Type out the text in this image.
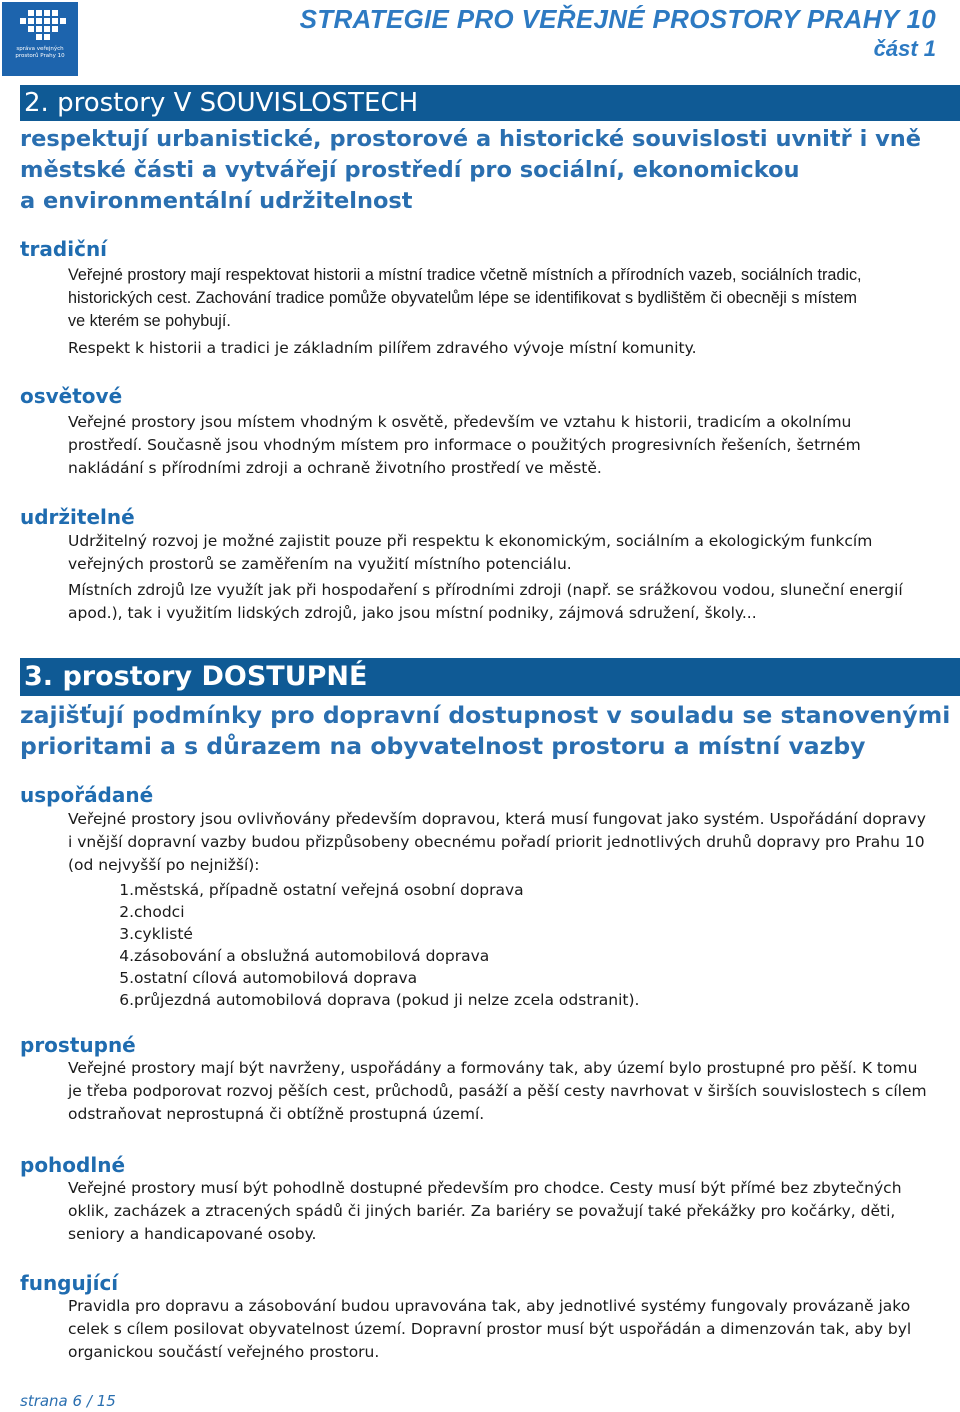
správa veřejných
prostorů Prahy 10
STRATEGIE PRO VEŘEJNÉ PROSTORY PRAHY 10
část 1
2. prostory V SOUVISLOSTECH
respektují urbanistické, prostorové a historické souvislosti uvnitř i vně
městské části a vytvářejí prostředí pro sociální, ekonomickou
a environmentální udržitelnost
tradiční
Veřejné prostory mají respektovat historii a místní tradice včetně místních a přírodních vazeb, sociálních tradic,
historických cest. Zachování tradice pomůže obyvatelům lépe se identifikovat s bydlištěm či obecněji s místem
ve kterém se pohybují.
Respekt k historii a tradici je základním pilířem zdravého vývoje místní komunity.
osvětové
Veřejné prostory jsou místem vhodným k osvětě, především ve vztahu k historii, tradicím a okolnímu
prostředí. Současně jsou vhodným místem pro informace o použitých progresivních řešeních, šetrném
nakládání s přírodními zdroji a ochraně životního prostředí ve městě.
udržitelné
Udržitelný rozvoj je možné zajistit pouze při respektu k ekonomickým, sociálním a ekologickým funkcím
veřejných prostorů se zaměřením na využití místního potenciálu.
Místních zdrojů lze využít jak při hospodaření s přírodními zdroji (např. se srážkovou vodou, sluneční energií
apod.), tak i využitím lidských zdrojů, jako jsou místní podniky, zájmová sdružení, školy...
3. prostory DOSTUPNÉ
zajišťují podmínky pro dopravní dostupnost v souladu se stanovenými
prioritami a s důrazem na obyvatelnost prostoru a místní vazby
uspořádané
Veřejné prostory jsou ovlivňovány především dopravou, která musí fungovat jako systém. Uspořádání dopravy
i vnější dopravní vazby budou přizpůsobeny obecnému pořadí priorit jednotlivých druhů dopravy pro Prahu 10
(od nejvyšší po nejnižší):
1.městská, případně ostatní veřejná osobní doprava
2.chodci
3.cyklisté
4.zásobování a obslužná automobilová doprava
5.ostatní cílová automobilová doprava
6.průjezdná automobilová doprava (pokud ji nelze zcela odstranit).
prostupné
Veřejné prostory mají být navrženy, uspořádány a formovány tak, aby území bylo prostupné pro pěší. K tomu
je třeba podporovat rozvoj pěších cest, průchodů, pasáží a pěší cesty navrhovat v širších souvislostech s cílem
odstraňovat neprostupná či obtížně prostupná území.
pohodlné
Veřejné prostory musí být pohodlně dostupné především pro chodce. Cesty musí být přímé bez zbytečných
oklik, zacházek a ztracených spádů či jiných bariér. Za bariéry se považují také překážky pro kočárky, děti,
seniory a handicapované osoby.
fungující
Pravidla pro dopravu a zásobování budou upravována tak, aby jednotlivé systémy fungovaly provázaně jako
celek s cílem posilovat obyvatelnost území. Dopravní prostor musí být uspořádán a dimenzován tak, aby byl
organickou součástí veřejného prostoru.
strana 6 / 15
